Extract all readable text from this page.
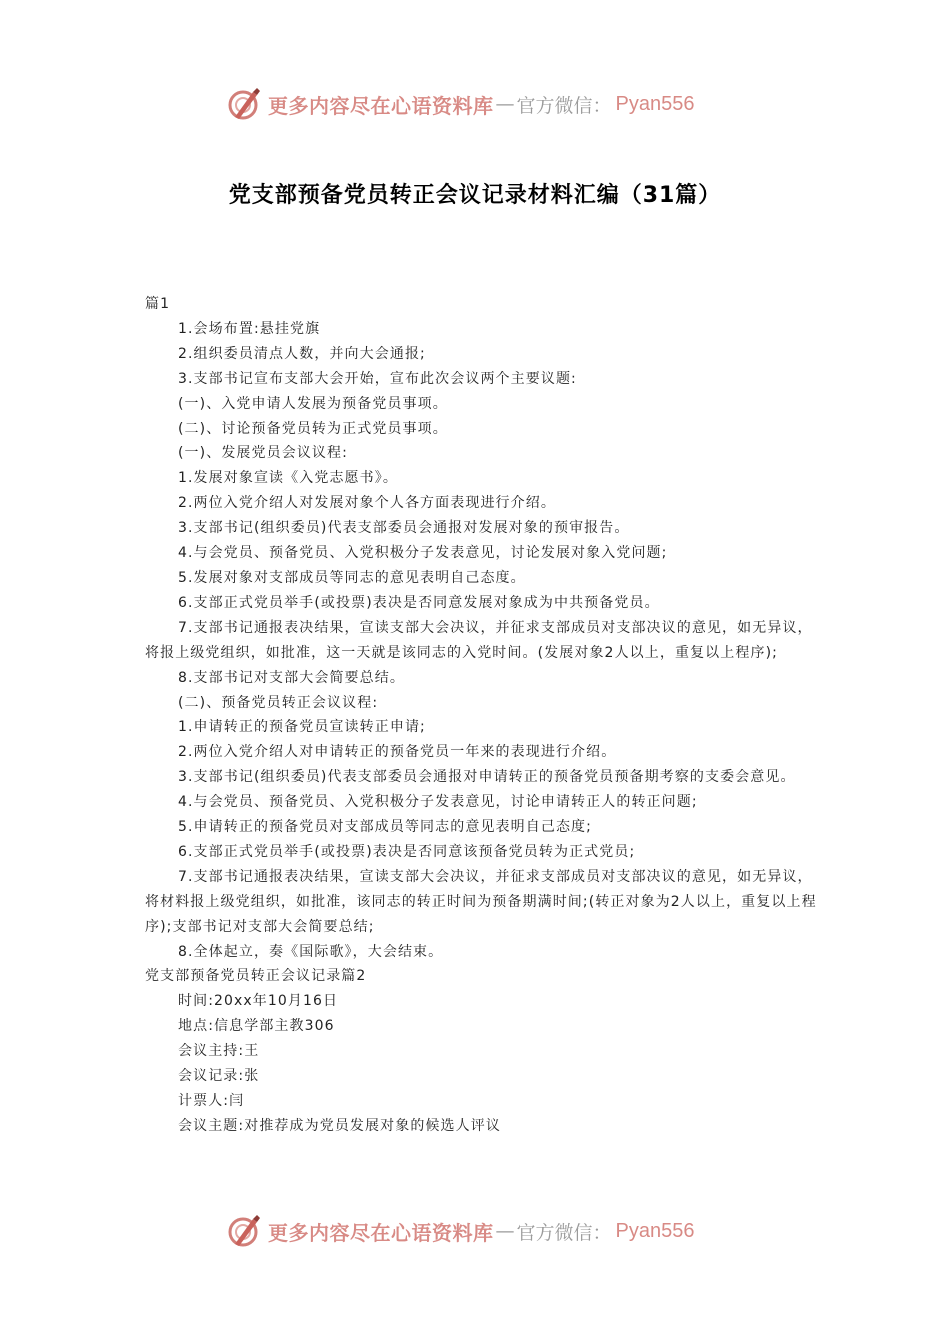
更多内容尽在心语资料库 — 官方微信： Pyan556
党支部预备党员转正会议记录材料汇编（31篇）

篇1

1.会场布置:悬挂党旗

2.组织委员清点人数，并向大会通报;

3.支部书记宣布支部大会开始，宣布此次会议两个主要议题:

(一)、入党申请人发展为预备党员事项。

(二)、讨论预备党员转为正式党员事项。

(一)、发展党员会议议程:

1.发展对象宣读《入党志愿书》。

2.两位入党介绍人对发展对象个人各方面表现进行介绍。

3.支部书记(组织委员)代表支部委员会通报对发展对象的预审报告。

4.与会党员、预备党员、入党积极分子发表意见，讨论发展对象入党问题;

5.发展对象对支部成员等同志的意见表明自己态度。

6.支部正式党员举手(或投票)表决是否同意发展对象成为中共预备党员。

7.支部书记通报表决结果，宣读支部大会决议，并征求支部成员对支部决议的意见，如无异议，将报上级党组织，如批准，这一天就是该同志的入党时间。(发展对象2人以上，重复以上程序);

8.支部书记对支部大会简要总结。

(二)、预备党员转正会议议程:

1.申请转正的预备党员宣读转正申请;

2.两位入党介绍人对申请转正的预备党员一年来的表现进行介绍。

3.支部书记(组织委员)代表支部委员会通报对申请转正的预备党员预备期考察的支委会意见。

4.与会党员、预备党员、入党积极分子发表意见，讨论申请转正人的转正问题;

5.申请转正的预备党员对支部成员等同志的意见表明自己态度;

6.支部正式党员举手(或投票)表决是否同意该预备党员转为正式党员;

7.支部书记通报表决结果，宣读支部大会决议，并征求支部成员对支部决议的意见，如无异议，将材料报上级党组织，如批准，该同志的转正时间为预备期满时间;(转正对象为2人以上，重复以上程序);支部书记对支部大会简要总结;

8.全体起立，奏《国际歌》，大会结束。

党支部预备党员转正会议记录篇2

时间:20xx年10月16日

地点:信息学部主教306

会议主持:王

会议记录:张

计票人:闫

会议主题:对推荐成为党员发展对象的候选人评议

更多内容尽在心语资料库 — 官方微信： Pyan556
